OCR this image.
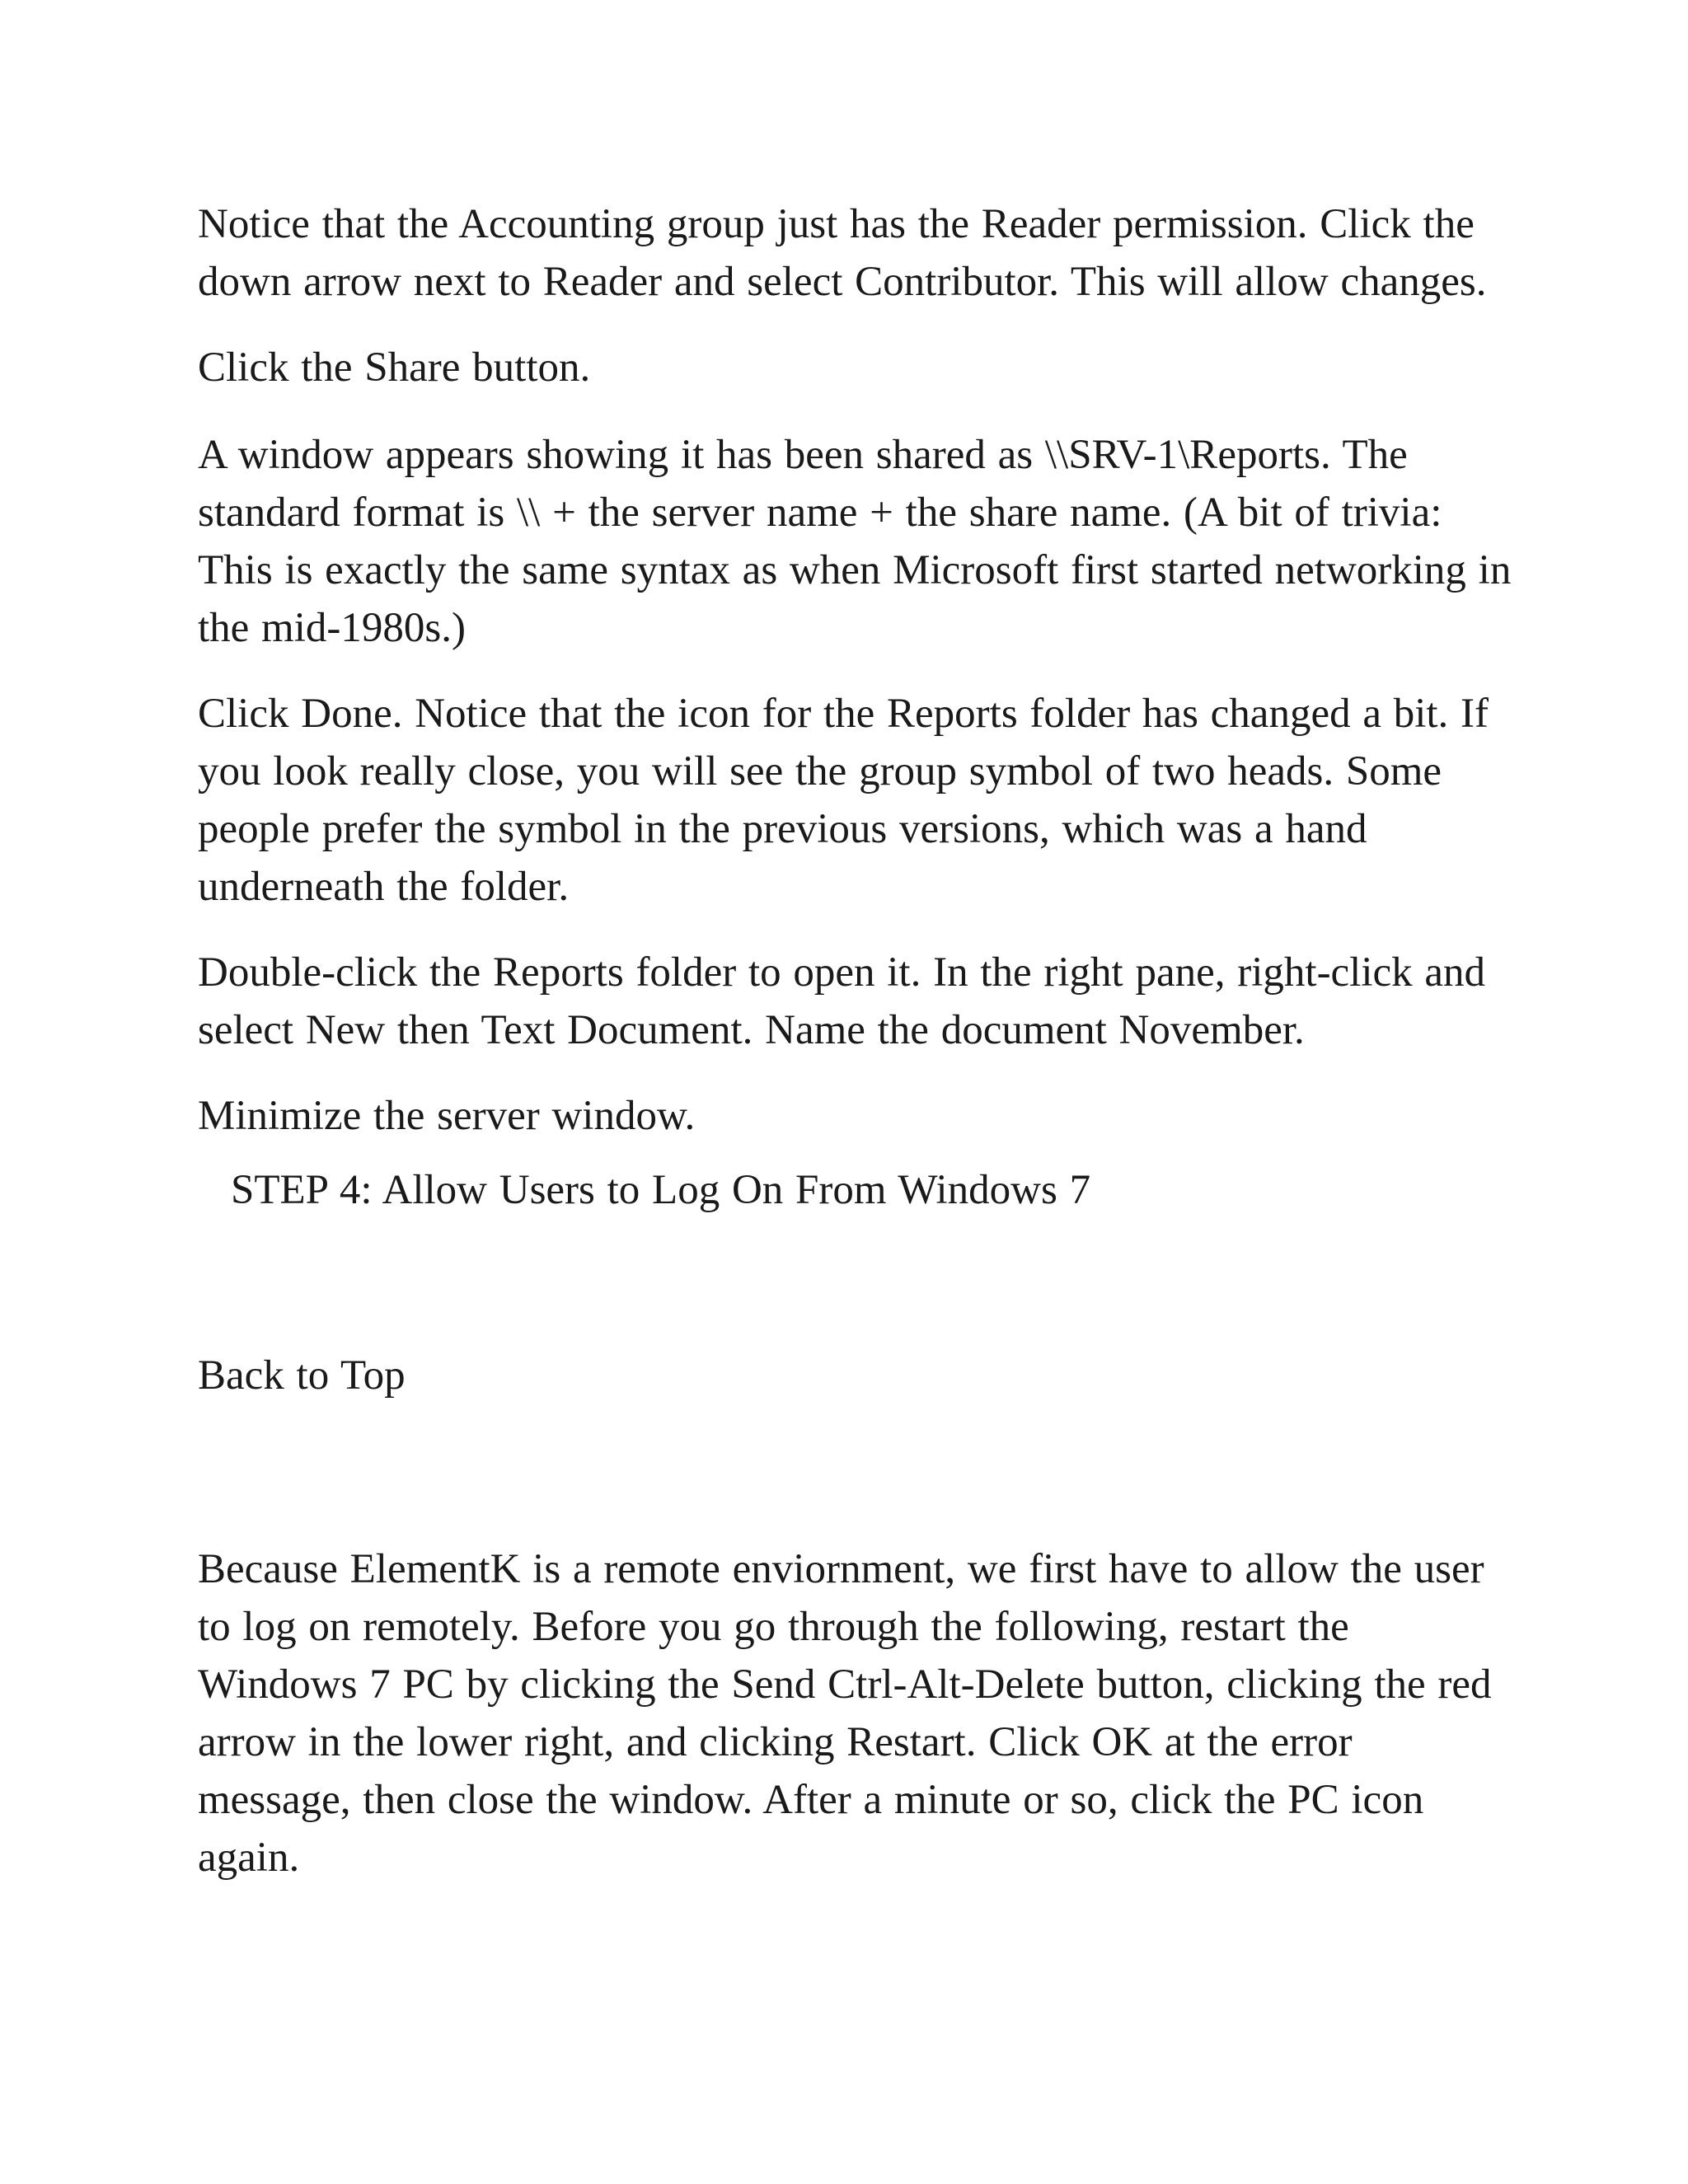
Notice that the Accounting group just has the Reader permission. Click the down arrow next to Reader and select Contributor. This will allow changes.

Click the Share button.

A window appears showing it has been shared as \\SRV-1\Reports. The standard format is \\ + the server name + the share name. (A bit of trivia: This is exactly the same syntax as when Microsoft first started networking in the mid-1980s.)

Click Done. Notice that the icon for the Reports folder has changed a bit. If you look really close, you will see the group symbol of two heads. Some people prefer the symbol in the previous versions, which was a hand underneath the folder.

Double-click the Reports folder to open it. In the right pane, right-click and select New then Text Document. Name the document November.

Minimize the server window.

STEP 4: Allow Users to Log On From Windows 7

Back to Top

Because ElementK is a remote enviornment, we first have to allow the user to log on remotely. Before you go through the following, restart the Windows 7 PC by clicking the Send Ctrl-Alt-Delete button, clicking the red arrow in the lower right, and clicking Restart. Click OK at the error message, then close the window. After a minute or so, click the PC icon again.
